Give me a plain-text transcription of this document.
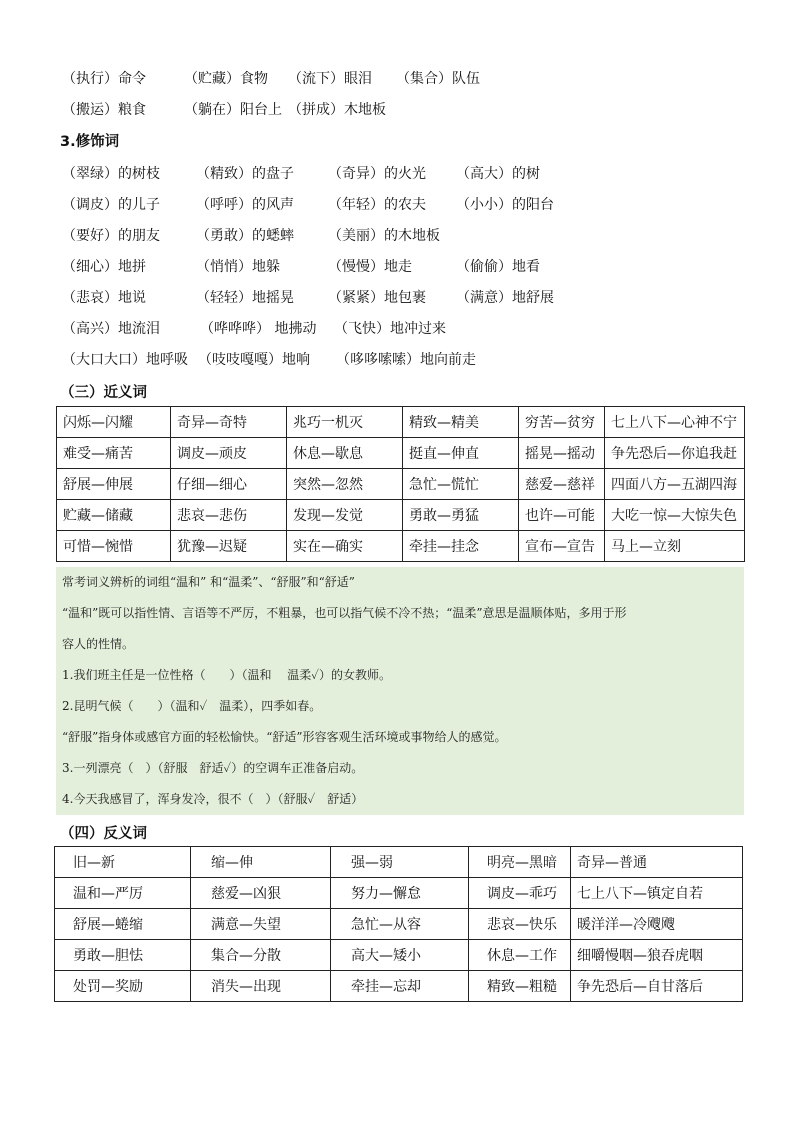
（执行）命令	（贮藏）食物 （流下）眼泪 （集合）队伍
（搬运）粮食	（躺在）阳台上 （拼成）木地板
3.修饰词
（翠绿）的树枝	（精致）的盘子 （奇异）的火光 （高大）的树
（调皮）的儿子	（呼呼）的风声 （年轻）的农夫 （小小）的阳台
（要好）的朋友	（勇敢）的蟋蟀 （美丽）的木地板
（细心）地拼	（悄悄）地躲	（慢慢）地走	（偷偷）地看
（悲哀）地说	（轻轻）地摇晃 （紧紧）地包裹 （满意）地舒展
（高兴）地流泪	（哗哗哗） 地拂动 （飞快）地冲过来
（大口大口）地呼吸 （吱吱嘎嘎）地响 （哆哆嗦嗦）地向前走
（三）近义词
闪烁—闪耀	奇异—奇特	兆巧一机灭	精致—精美	穷苦—贫穷	七上八下—心神不宁
难受—痛苦	调皮—顽皮	休息—歇息	挺直—伸直	摇晃—摇动	争先恐后—你追我赶
舒展—伸展	仔细—细心	突然—忽然	急忙—慌忙	慈爱—慈祥	四面八方—五湖四海
贮藏—储藏	悲哀—悲伤	发现—发觉	勇敢—勇猛	也许—可能	大吃一惊—大惊失色
可惜—惋惜	犹豫—迟疑	实在—确实	牵挂—挂念	宣布—宣告	马上—立刻
常考词义辨析的词组“温和” 和“温柔”、“舒服”和“舒适”
“温和”既可以指性情、言语等不严厉，不粗暴，也可以指气候不冷不热；“温柔”意思是温顺体贴，多用于形
容人的性情。
1.我们班主任是一位性格（　　）（温和　 温柔✓）的女教师。
2.昆明气候（　　）（温和✓　温柔），四季如春。
“舒服”指身体或感官方面的轻松愉快。“舒适”形容客观生活环境或事物给人的感觉。
3.一列漂亮（　）（舒服　舒适✓）的空调车正准备启动。
4.今天我感冒了，浑身发冷，很不（　）（舒服✓　舒适）
（四）反义词
旧—新	缩—伸	强—弱	明亮—黑暗	奇异—普通
温和—严厉	慈爱—凶狠	努力—懈怠	调皮—乖巧	七上八下—镇定自若
舒展—蜷缩	满意—失望	急忙—从容	悲哀—快乐	暖洋洋—冷飕飕
勇敢—胆怯	集合—分散	高大—矮小	休息—工作	细嚼慢咽—狼吞虎咽
处罚—奖励	消失—出现	牵挂—忘却	精致—粗糙	争先恐后—自甘落后
